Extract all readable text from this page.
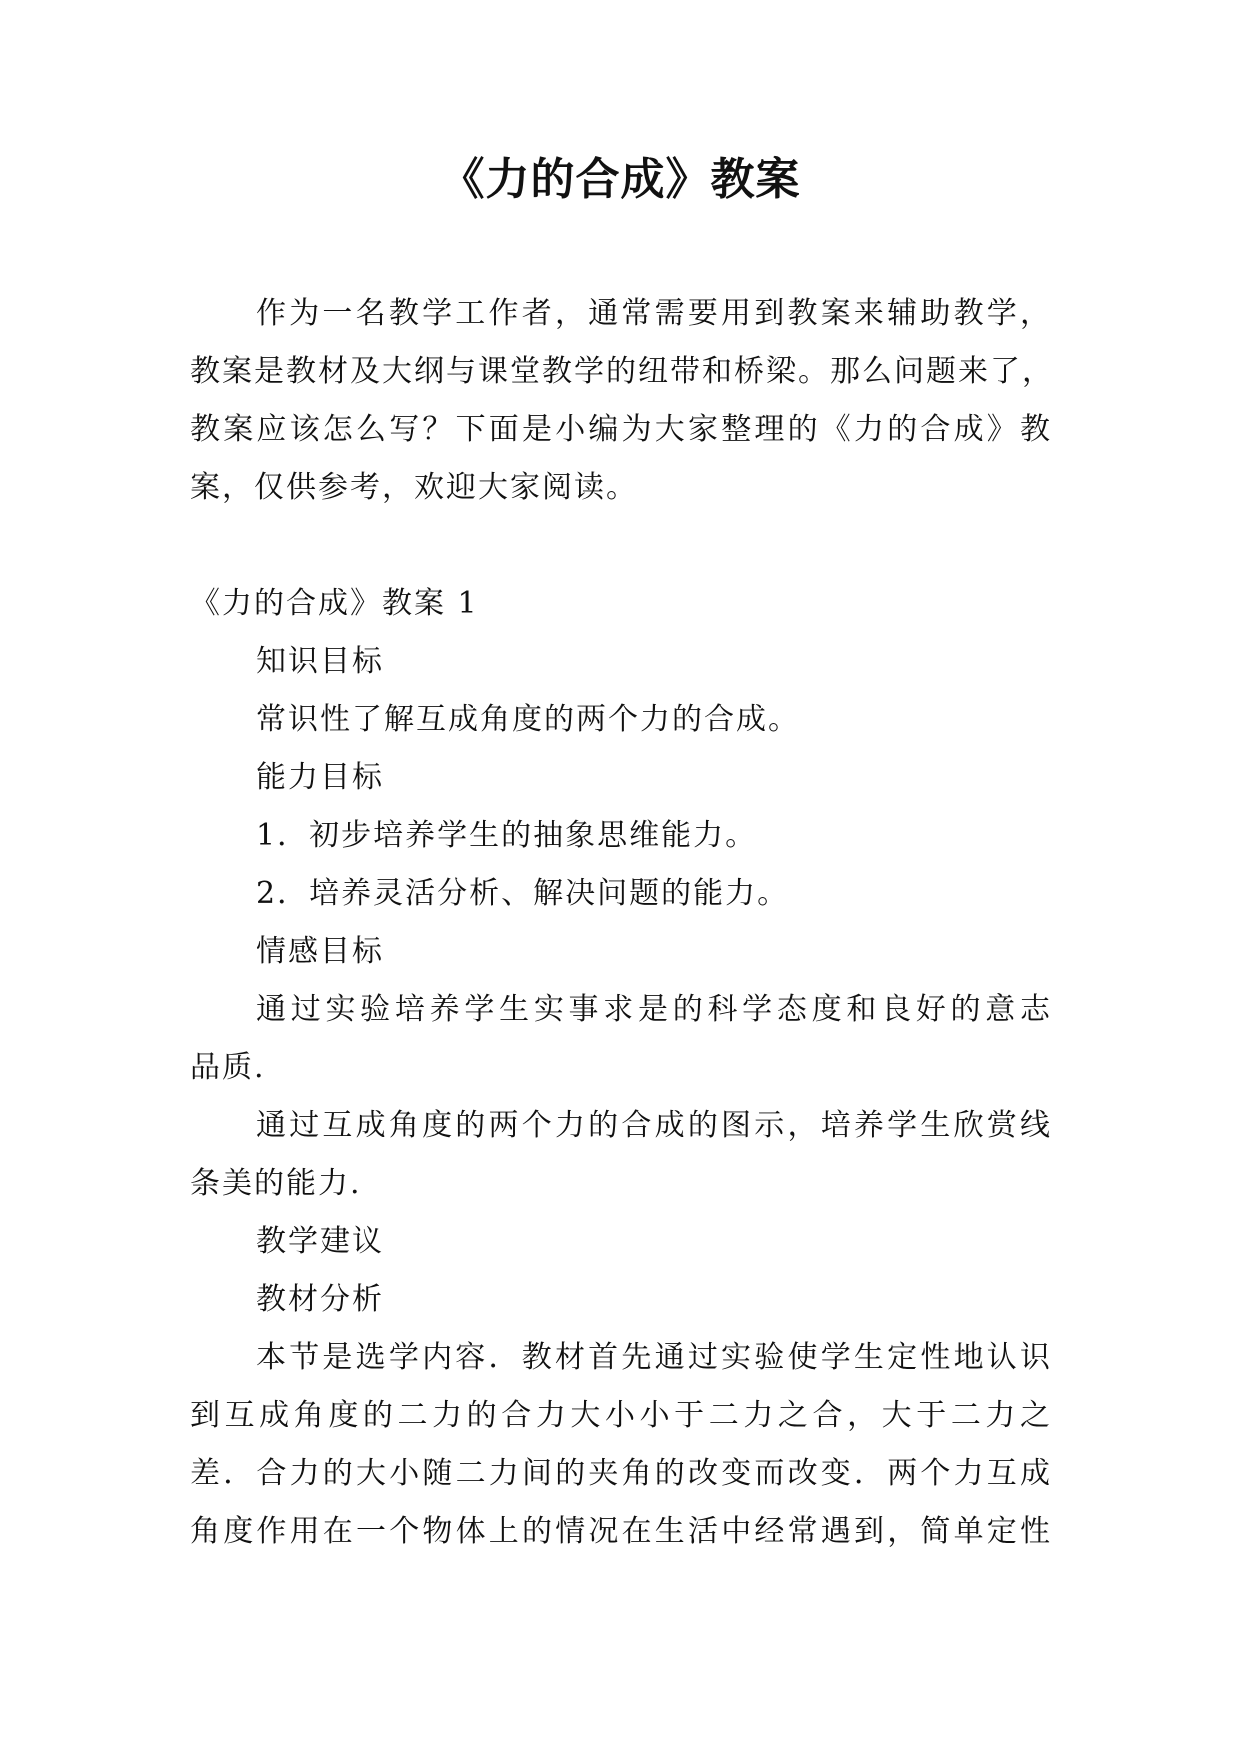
《力的合成》教案
作为一名教学工作者，通常需要用到教案来辅助教学，
教案是教材及大纲与课堂教学的纽带和桥梁。那么问题来了，
教案应该怎么写？下面是小编为大家整理的《力的合成》教
案，仅供参考，欢迎大家阅读。

《力的合成》教案 1

知识目标

常识性了解互成角度的两个力的合成。

能力目标

1．初步培养学生的抽象思维能力。

2．培养灵活分析、解决问题的能力。

情感目标

通过实验培养学生实事求是的科学态度和良好的意志
品质.
通过互成角度的两个力的合成的图示，培养学生欣赏线
条美的能力.

教学建议

教材分析

本节是选学内容．教材首先通过实验使学生定性地认识
到互成角度的二力的合力大小小于二力之合，大于二力之
差．合力的大小随二力间的夹角的改变而改变．两个力互成
角度作用在一个物体上的情况在生活中经常遇到，简单定性
